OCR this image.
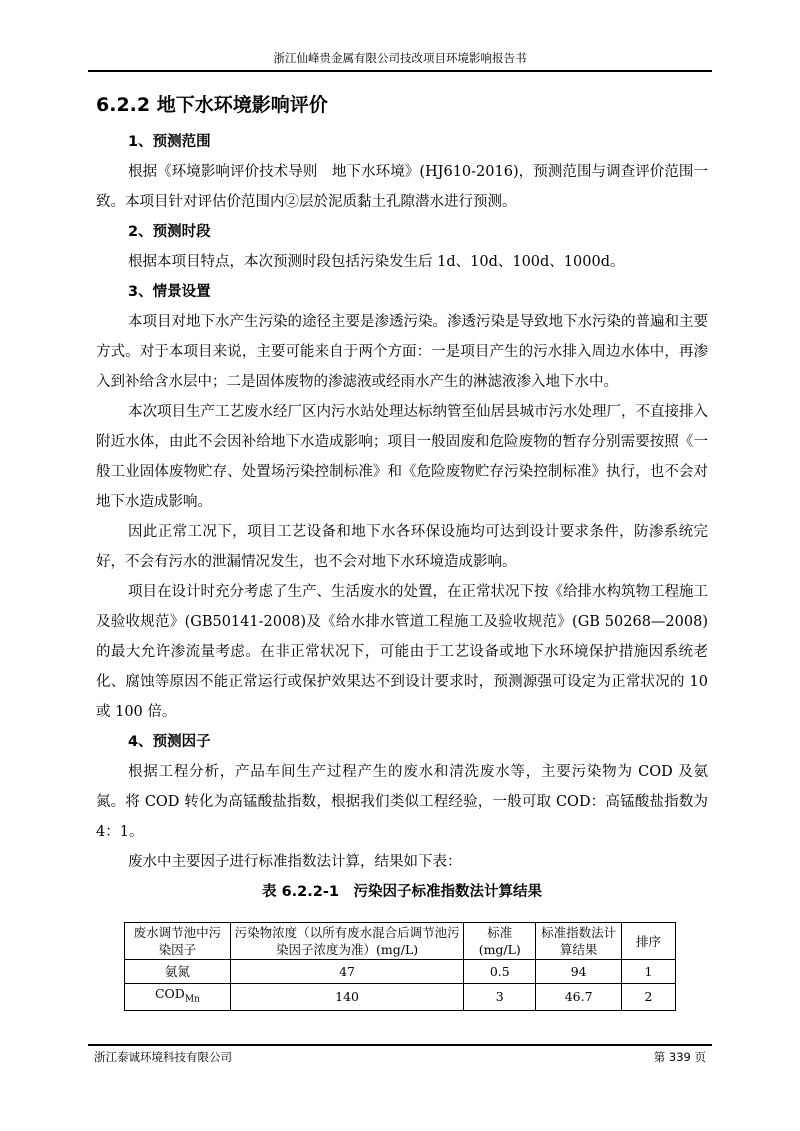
浙江仙峰贵金属有限公司技改项目环境影响报告书
6.2.2 地下水环境影响评价
1、预测范围

根据《环境影响评价技术导则　地下水环境》(HJ610-2016)，预测范围与调查评价范围一致。本项目针对评估价范围内②层於泥质黏土孔隙潜水进行预测。

2、预测时段

根据本项目特点，本次预测时段包括污染发生后 1d、10d、100d、1000d。

3、情景设置

本项目对地下水产生污染的途径主要是渗透污染。渗透污染是导致地下水污染的普遍和主要方式。对于本项目来说，主要可能来自于两个方面：一是项目产生的污水排入周边水体中，再渗入到补给含水层中；二是固体废物的渗滤液或经雨水产生的淋滤液渗入地下水中。

本次项目生产工艺废水经厂区内污水站处理达标纳管至仙居县城市污水处理厂，不直接排入附近水体，由此不会因补给地下水造成影响；项目一般固废和危险废物的暂存分别需要按照《一般工业固体废物贮存、处置场污染控制标准》和《危险废物贮存污染控制标准》执行，也不会对地下水造成影响。

因此正常工况下，项目工艺设备和地下水各环保设施均可达到设计要求条件，防渗系统完好，不会有污水的泄漏情况发生，也不会对地下水环境造成影响。

项目在设计时充分考虑了生产、生活废水的处置，在正常状况下按《给排水构筑物工程施工及验收规范》(GB50141-2008)及《给水排水管道工程施工及验收规范》(GB 50268—2008)的最大允许渗流量考虑。在非正常状况下，可能由于工艺设备或地下水环境保护措施因系统老化、腐蚀等原因不能正常运行或保护效果达不到设计要求时，预测源强可设定为正常状况的 10 或 100 倍。

4、预测因子

根据工程分析，产品车间生产过程产生的废水和清洗废水等，主要污染物为 COD 及氨氮。将 COD 转化为高锰酸盐指数，根据我们类似工程经验，一般可取 COD：高锰酸盐指数为 4：1。

废水中主要因子进行标准指数法计算，结果如下表：

表 6.2.2-1　污染因子标准指数法计算结果
废水调节池中污染因子	污染物浓度（以所有废水混合后调节池污染因子浓度为准）(mg/L)	标准(mg/L)	标准指数法计算结果	排序
氨氮	47	0.5	94	1
$COD_{Mn}$	140	3	46.7	2
浙江泰诚环境科技有限公司	第 339 页
